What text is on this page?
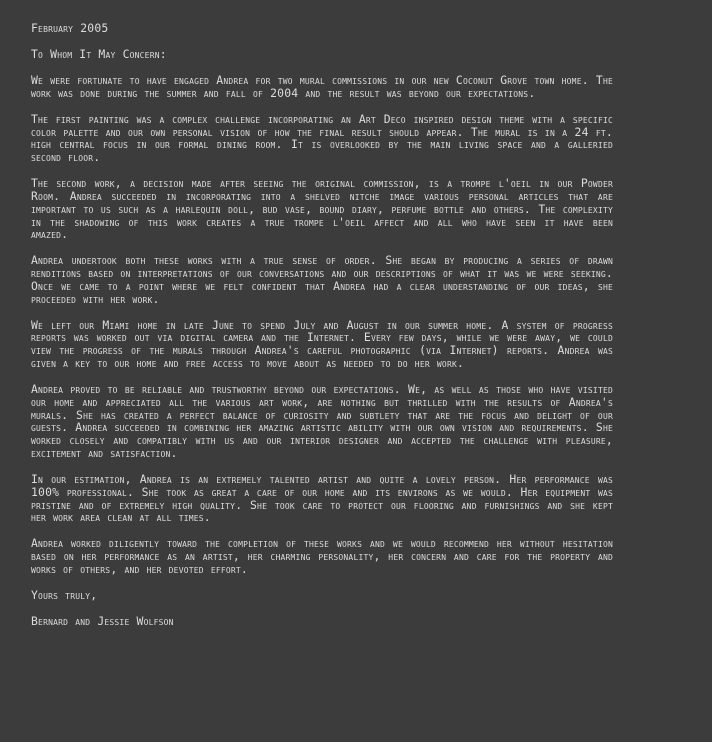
February 2005

To Whom It May Concern:

We were fortunate to have engaged Andrea for two mural commissions in our new Coconut Grove town home. The work was done during the summer and fall of 2004 and the result was beyond our expectations.

The first painting was a complex challenge incorporating an Art Deco inspired design theme with a specific color palette and our own personal vision of how the final result should appear. The mural is in a 24 ft. high central focus in our formal dining room. It is overlooked by the main living space and a galleried second floor.

The second work, a decision made after seeing the original commission, is a trompe l'oeil in our Powder Room. Andrea succeeded in incorporating into a shelved nitche image various personal articles that are important to us such as a harlequin doll, bud vase, bound diary, perfume bottle and others. The complexity in the shadowing of this work creates a true trompe l'oeil affect and all who have seen it have been amazed.

Andrea undertook both these works with a true sense of order. She began by producing a series of drawn renditions based on interpretations of our conversations and our descriptions of what it was we were seeking. Once we came to a point where we felt confident that Andrea had a clear understanding of our ideas, she proceeded with her work.

We left our Miami home in late June to spend July and August in our summer home. A system of progress reports was worked out via digital camera and the Internet. Every few days, while we were away, we could view the progress of the murals through Andrea's careful photographic (via Internet) reports. Andrea was given a key to our home and free access to move about as needed to do her work.

Andrea proved to be reliable and trustworthy beyond our expectations. We, as well as those who have visited our home and appreciated all the various art work, are nothing but thrilled with the results of Andrea's murals. She has created a perfect balance of curiosity and subtlety that are the focus and delight of our guests. Andrea succeeded in combining her amazing artistic ability with our own vision and requirements. She worked closely and compatibly with us and our interior designer and accepted the challenge with pleasure, excitement and satisfaction.

In our estimation, Andrea is an extremely talented artist and quite a lovely person. Her performance was 100% professional. She took as great a care of our home and its environs as we would. Her equipment was pristine and of extremely high quality. She took care to protect our flooring and furnishings and she kept her work area clean at all times.

Andrea worked diligently toward the completion of these works and we would recommend her without hesitation based on her performance as an artist, her charming personality, her concern and care for the property and works of others, and her devoted effort.

Yours truly,

Bernard and Jessie Wolfson
